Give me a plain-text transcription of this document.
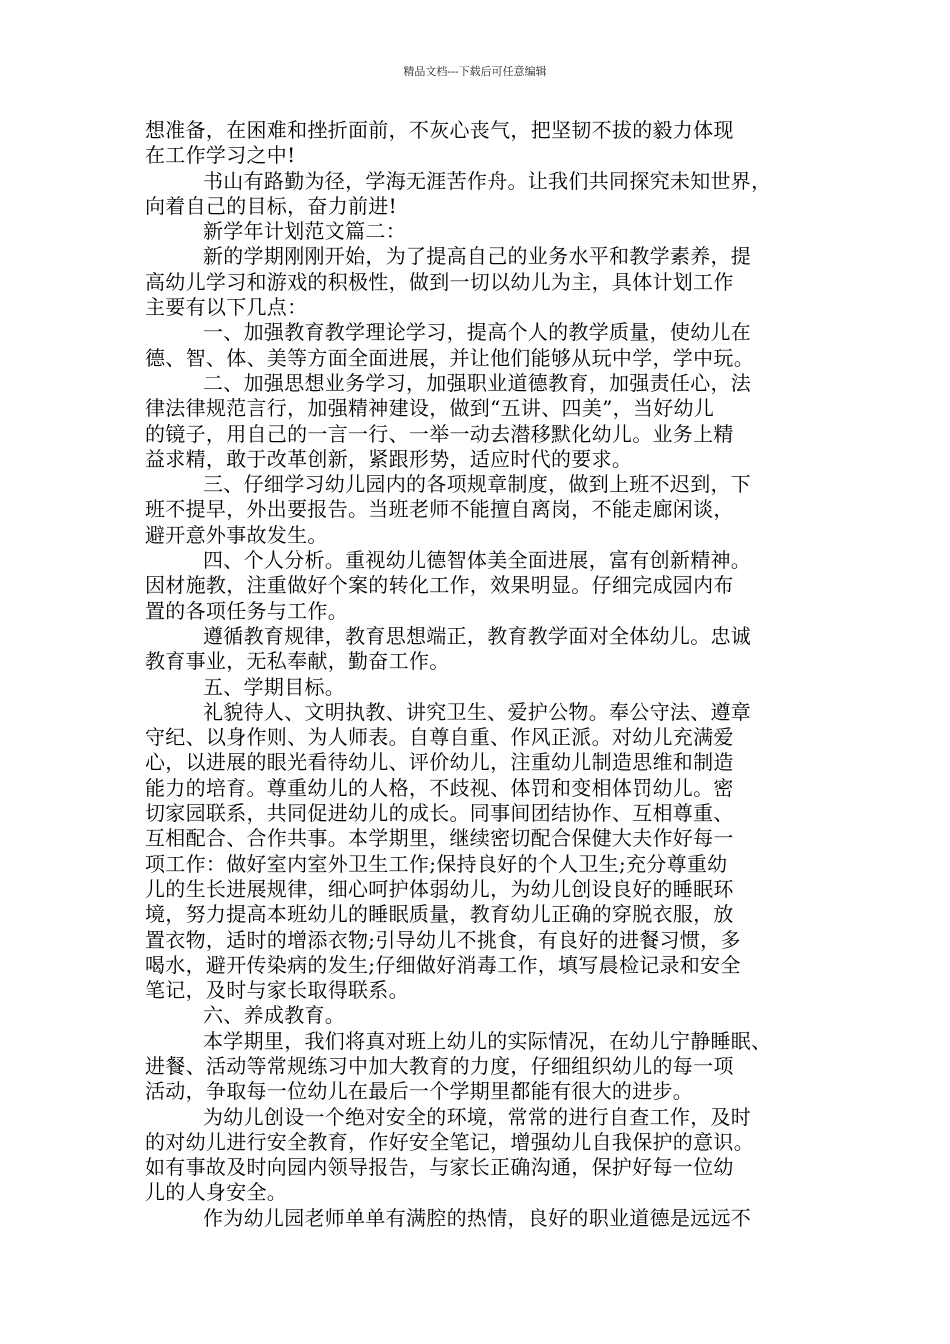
精品文档---下载后可任意编辑
想准备，在困难和挫折面前，不灰心丧气，把坚韧不拔的毅力体现
在工作学习之中!
书山有路勤为径，学海无涯苦作舟。让我们共同探究未知世界，
向着自己的目标，奋力前进!
新学年计划范文篇二：
新的学期刚刚开始，为了提高自己的业务水平和教学素养，提
高幼儿学习和游戏的积极性，做到一切以幼儿为主，具体计划工作
主要有以下几点：
一、加强教育教学理论学习，提高个人的教学质量，使幼儿在
德、智、体、美等方面全面进展，并让他们能够从玩中学，学中玩。
二、加强思想业务学习，加强职业道德教育，加强责任心，法
律法律规范言行，加强精神建设，做到“五讲、四美”，当好幼儿
的镜子，用自己的一言一行、一举一动去潜移默化幼儿。业务上精
益求精，敢于改革创新，紧跟形势，适应时代的要求。
三、仔细学习幼儿园内的各项规章制度，做到上班不迟到，下
班不提早，外出要报告。当班老师不能擅自离岗，不能走廊闲谈，
避开意外事故发生。
四、个人分析。重视幼儿德智体美全面进展，富有创新精神。
因材施教，注重做好个案的转化工作，效果明显。仔细完成园内布
置的各项任务与工作。
遵循教育规律，教育思想端正，教育教学面对全体幼儿。忠诚
教育事业，无私奉献，勤奋工作。
五、学期目标。
礼貌待人、文明执教、讲究卫生、爱护公物。奉公守法、遵章
守纪、以身作则、为人师表。自尊自重、作风正派。对幼儿充满爱
心，以进展的眼光看待幼儿、评价幼儿，注重幼儿制造思维和制造
能力的培育。尊重幼儿的人格，不歧视、体罚和变相体罚幼儿。密
切家园联系，共同促进幼儿的成长。同事间团结协作、互相尊重、
互相配合、合作共事。本学期里，继续密切配合保健大夫作好每一
项工作：做好室内室外卫生工作;保持良好的个人卫生;充分尊重幼
儿的生长进展规律，细心呵护体弱幼儿，为幼儿创设良好的睡眠环
境，努力提高本班幼儿的睡眠质量，教育幼儿正确的穿脱衣服，放
置衣物，适时的增添衣物;引导幼儿不挑食，有良好的进餐习惯，多
喝水，避开传染病的发生;仔细做好消毒工作，填写晨检记录和安全
笔记，及时与家长取得联系。
六、养成教育。
本学期里，我们将真对班上幼儿的实际情况，在幼儿宁静睡眠、
进餐、活动等常规练习中加大教育的力度，仔细组织幼儿的每一项
活动，争取每一位幼儿在最后一个学期里都能有很大的进步。
为幼儿创设一个绝对安全的环境，常常的进行自查工作，及时
的对幼儿进行安全教育，作好安全笔记，增强幼儿自我保护的意识。
如有事故及时向园内领导报告，与家长正确沟通，保护好每一位幼
儿的人身安全。
作为幼儿园老师单单有满腔的热情，良好的职业道德是远远不
